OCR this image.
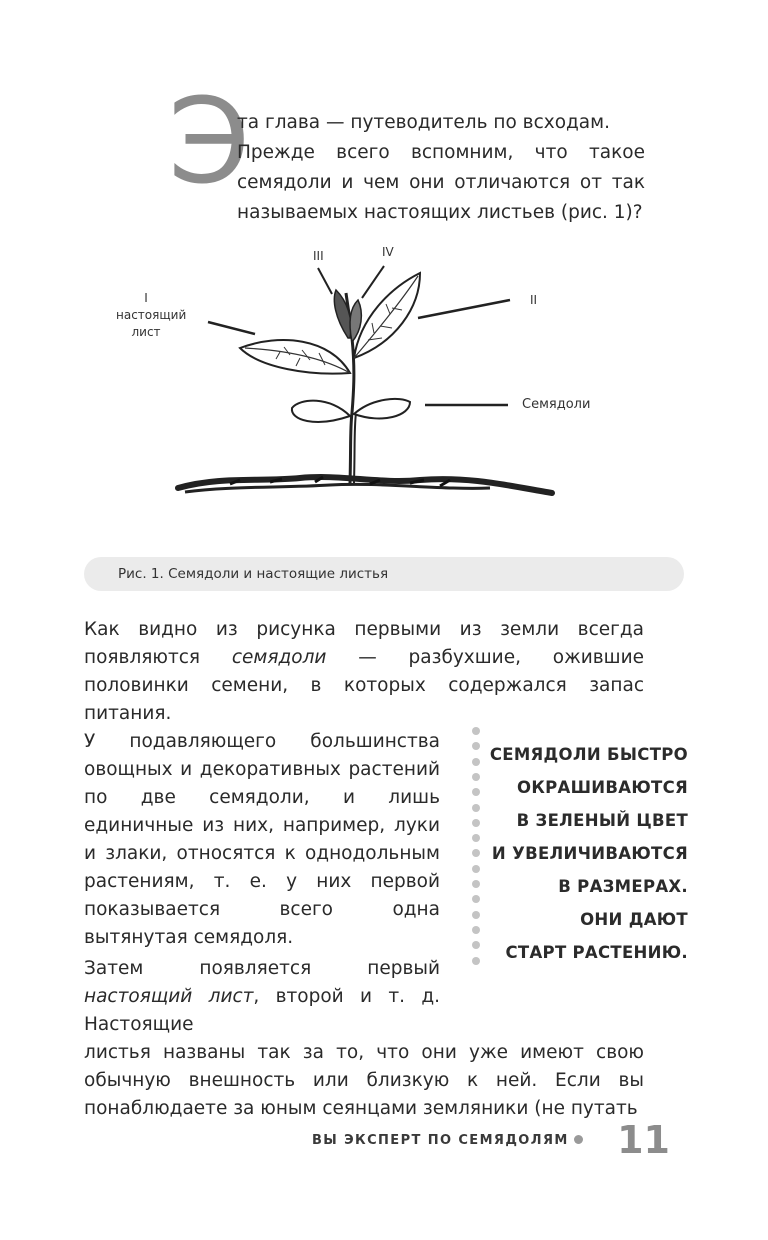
Э
та глава — путеводитель по всходам.
Прежде всего вспомним, что такое семядоли и чем они отличаются от так называемых настоящих листьев (рис. 1)?
I
настоящий
лист
II
III	IV
Семядоли
Рис. 1. Семядоли и настоящие листья
Как видно из рисунка первыми из земли всегда появляются семядоли — разбухшие, ожившие половинки семени, в которых содержался запас питания.
У подавляющего большинства овощных и декоративных растений по две семядоли, и лишь единичные из них, например, луки и злаки, относятся к однодольным растениям, т. е. у них первой показывается всего одна вытянутая семядоля.
СЕМЯДОЛИ БЫСТРО
ОКРАШИВАЮТСЯ
В ЗЕЛЕНЫЙ ЦВЕТ
И УВЕЛИЧИВАЮТСЯ
В РАЗМЕРАХ.
ОНИ ДАЮТ
СТАРТ РАСТЕНИЮ.
Затем появляется первый настоящий лист, второй и т. д. Настоящие
листья названы так за то, что они уже имеют свою обычную внешность или близкую к ней. Если вы понаблюдаете за юным сеянцами земляники (не путать
ВЫ ЭКСПЕРТ ПО СЕМЯДОЛЯМ	11
